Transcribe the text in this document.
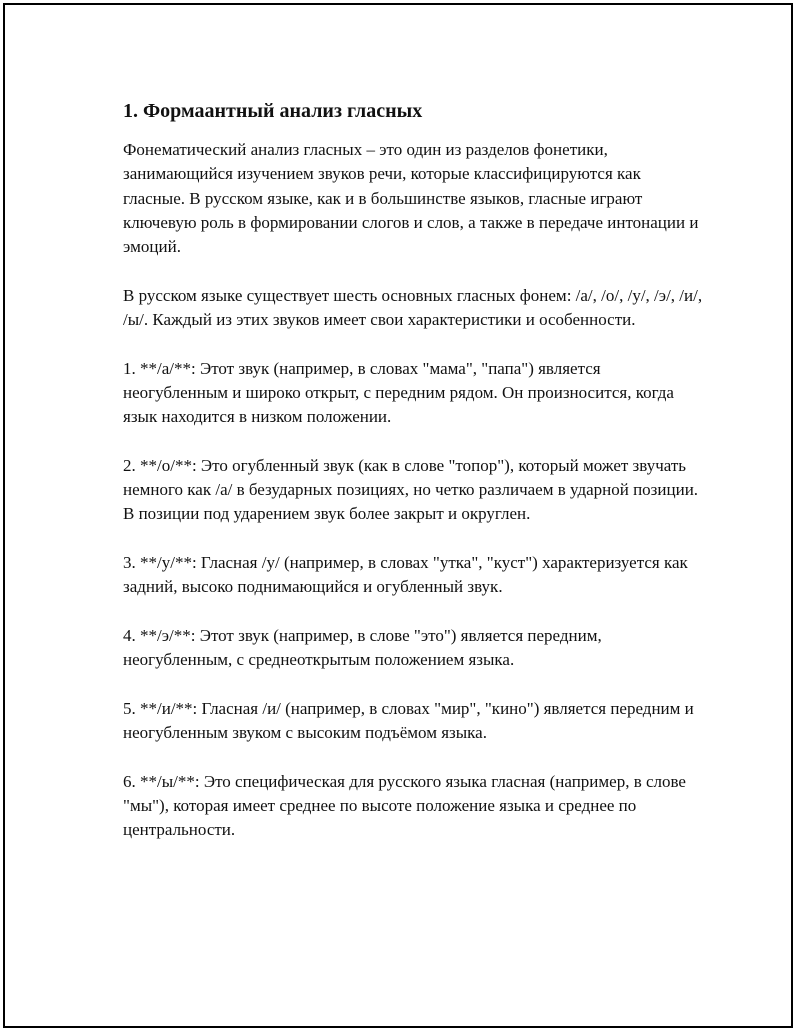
1. Формаантный анализ гласных

Фонематический анализ гласных – это один из разделов фонетики, занимающийся изучением звуков речи, которые классифицируются как гласные. В русском языке, как и в большинстве языков, гласные играют ключевую роль в формировании слогов и слов, а также в передаче интонации и эмоций.

В русском языке существует шесть основных гласных фонем: /а/, /о/, /у/, /э/, /и/, /ы/. Каждый из этих звуков имеет свои характеристики и особенности.

1. **/а/**: Этот звук (например, в словах "мама", "папа") является неогубленным и широко открыт, с передним рядом. Он произносится, когда язык находится в низком положении.

2. **/о/**: Это огубленный звук (как в слове "топор"), который может звучать немного как /а/ в безударных позициях, но четко различаем в ударной позиции. В позиции под ударением звук более закрыт и округлен.

3. **/у/**: Гласная /у/ (например, в словах "утка", "куст") характеризуется как задний, высоко поднимающийся и огубленный звук.

4. **/э/**: Этот звук (например, в слове "это") является передним, неогубленным, с среднеоткрытым положением языка.

5. **/и/**: Гласная /и/ (например, в словах "мир", "кино") является передним и неогубленным звуком с высоким подъёмом языка.

6. **/ы/**: Это специфическая для русского языка гласная (например, в слове "мы"), которая имеет среднее по высоте положение языка и среднее по центральности.
